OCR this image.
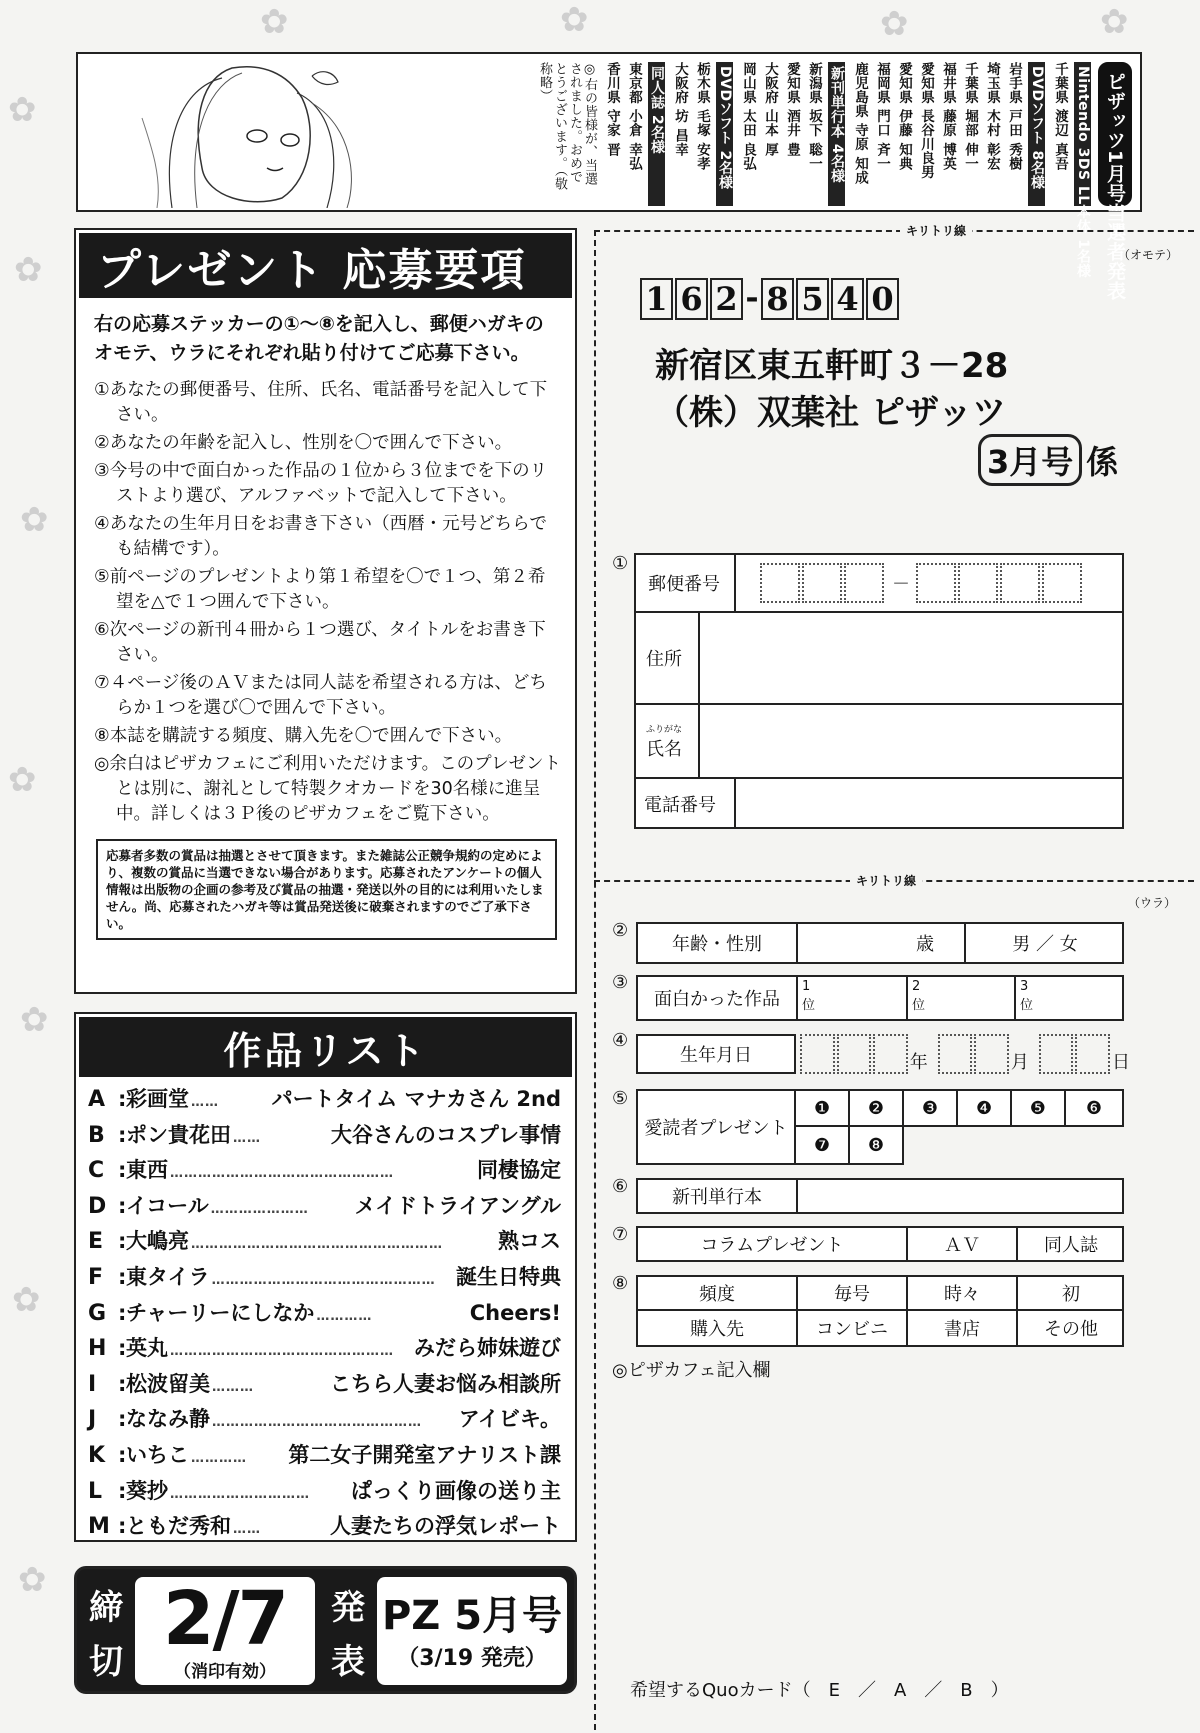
✿
✿
✿
✿
✿
✿
✿
✿	✿	✿	✿
ピザッツ1月号当選者発表
Nintendo 3DS LL本体 1名様
千葉県 渡辺 真吾
DVDソフト 8名様
岩手県 戸田 秀樹
埼玉県 木村 彰宏
千葉県 堀部 伸一
福井県 藤原 博英
愛知県 長谷川良男
愛知県 伊藤 知典
福岡県 門口 斉一
鹿児島県 寺原 知成
新刊単行本 4名様
新潟県 坂下 聡一
愛知県 酒井 豊
大阪府 山本 厚
岡山県 太田 良弘
DVDソフト 2名様
栃木県 毛塚 安孝
大阪府 坊 昌幸
同人誌 2名様
東京都 小倉 幸弘
香川県 守家 晋
◎右の皆様が、当選されました。おめでとうございます。（敬称略）
プレゼント 応募要項
右の応募ステッカーの①〜⑧を記入し、郵便ハガキのオモテ、ウラにそれぞれ貼り付けてご応募下さい。
①あなたの郵便番号、住所、氏名、電話番号を記入して下さい。
②あなたの年齢を記入し、性別を〇で囲んで下さい。
③今号の中で面白かった作品の１位から３位までを下のリストより選び、アルファベットで記入して下さい。
④あなたの生年月日をお書き下さい（西暦・元号どちらでも結構です）。
⑤前ページのプレゼントより第１希望を〇で１つ、第２希望を△で１つ囲んで下さい。
⑥次ページの新刊４冊から１つ選び、タイトルをお書き下さい。
⑦４ページ後のＡＶまたは同人誌を希望される方は、どちらか１つを選び〇で囲んで下さい。
⑧本誌を購読する頻度、購入先を〇で囲んで下さい。
◎余白はピザカフェにご利用いただけます。このプレゼントとは別に、謝礼として特製クオカードを30名様に進呈中。詳しくは３Ｐ後のピザカフェをご覧下さい。
応募者多数の賞品は抽選とさせて頂きます。また雑誌公正競争規約の定めにより、複数の賞品に当選できない場合があります。応募されたアンケートの個人情報は出版物の企画の参考及び賞品の抽選・発送以外の目的には利用いたしません。尚、応募されたハガキ等は賞品発送後に破棄されますのでご了承下さい。
作品リスト
A : 彩画堂 ……	パートタイム マナカさん 2nd
B : ポン貴花田 ……	大谷さんのコスプレ事情
C : 東西 …………………………………………	同棲協定
D : イコール …………………	メイドトライアングル
E : 大嶋亮 ………………………………………………	熟コス
F : 東タイラ ………………………………………… 誕生日特典
G : チャーリーにしなか …………	Cheers!
H : 英丸 ………………………………………… みだら姉妹遊び
I	: 松波留美 ………	こちら人妻お悩み相談所
J	: ななみ静 ………………………………………	アイビキ。
K : いちこ …………	第二女子開発室アナリスト課
L : 葵抄 …………………………	ぱっくり画像の送り主
M : ともだ秀和 ……	人妻たちの浮気レポート
締
切 2/7
（消印有効）
発
表
PZ 5月号
（3/19 発売）
キリトリ線
（オモテ）
1 6 2 - 8 5 4 0
新宿区東五軒町３－28
（株）双葉社 ピザッツ
3月号 係
①
郵便番号	－
住所
ふりがな
氏名
電話番号
キリトリ線
（ウラ）
②
年齢・性別	歳	男 ／ 女
③
面白かった作品
1位
2位
3位
④
生年月日	年	月	日
⑤
愛読者プレゼント
❶	❷	❸	❹	❺	❻
❼	❽
⑥
新刊単行本
⑦
コラムプレゼント	ＡＶ	同人誌
⑧
頻度	毎号	時々	初
購入先	コンビニ	書店	その他
◎ピザカフェ記入欄
希望するQuoカード（　E　／　A　／　B　）
